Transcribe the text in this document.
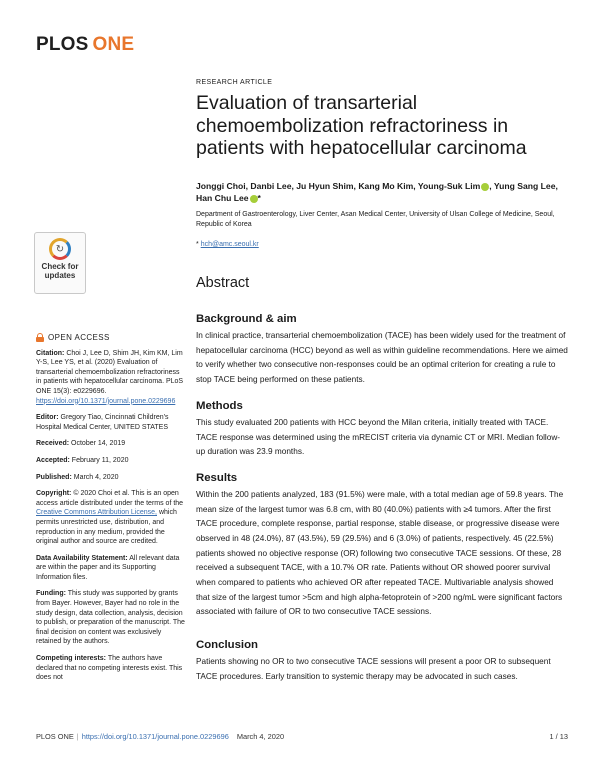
PLOS ONE
↻
Check for
updates
OPEN ACCESS
Citation: Choi J, Lee D, Shim JH, Kim KM, Lim Y-S, Lee YS, et al. (2020) Evaluation of transarterial chemoembolization refractoriness in patients with hepatocellular carcinoma. PLoS ONE 15(3): e0229696. https://doi.org/10.1371/journal.pone.0229696
Editor: Gregory Tiao, Cincinnati Children's Hospital Medical Center, UNITED STATES
Received: October 14, 2019
Accepted: February 11, 2020
Published: March 4, 2020
Copyright: © 2020 Choi et al. This is an open access article distributed under the terms of the Creative Commons Attribution License, which permits unrestricted use, distribution, and reproduction in any medium, provided the original author and source are credited.
Data Availability Statement: All relevant data are within the paper and its Supporting Information files.
Funding: This study was supported by grants from Bayer. However, Bayer had no role in the study design, data collection, analysis, decision to publish, or preparation of the manuscript. The final decision on content was exclusively retained by the authors.
Competing interests: The authors have declared that no competing interests exist. This does not
RESEARCH ARTICLE
Evaluation of transarterial chemoembolization refractoriness in patients with hepatocellular carcinoma
Jonggi Choi, Danbi Lee, Ju Hyun Shim, Kang Mo Kim, Young-Suk Lim , Yung Sang Lee,
Han Chu Lee *
Department of Gastroenterology, Liver Center, Asan Medical Center, University of Ulsan College of Medicine, Seoul, Republic of Korea
* hch@amc.seoul.kr
Abstract
Background & aim

In clinical practice, transarterial chemoembolization (TACE) has been widely used for the treatment of hepatocellular carcinoma (HCC) beyond as well as within guideline recommendations. Here we aimed to verify whether two consecutive non-responses could be an optimal criterion for creating a rule to stop TACE being performed on these patients.

Methods

This study evaluated 200 patients with HCC beyond the Milan criteria, initially treated with TACE. TACE response was determined using the mRECIST criteria via dynamic CT or MRI. Median follow-up duration was 23.9 months.

Results

Within the 200 patients analyzed, 183 (91.5%) were male, with a total median age of 59.8 years. The mean size of the largest tumor was 6.8 cm, with 80 (40.0%) patients with ≥4 tumors. After the first TACE procedure, complete response, partial response, stable disease, or progressive disease were observed in 48 (24.0%), 87 (43.5%), 59 (29.5%) and 6 (3.0%) of patients, respectively. 45 (22.5%) patients showed no objective response (OR) following two consecutive TACE sessions. Of these, 28 received a subsequent TACE, with a 10.7% OR rate. Patients without OR showed poorer survival when compared to patients who achieved OR after repeated TACE. Multivariable analysis showed that size of the largest tumor >5cm and high alpha-fetoprotein of >200 ng/mL were significant factors associated with failure of OR to two consecutive TACE sessions.

Conclusion

Patients showing no OR to two consecutive TACE sessions will present a poor OR to subsequent TACE procedures. Early transition to systemic therapy may be advocated in such cases.

PLOS ONE | https://doi.org/10.1371/journal.pone.0229696 March 4, 2020	1 / 13
